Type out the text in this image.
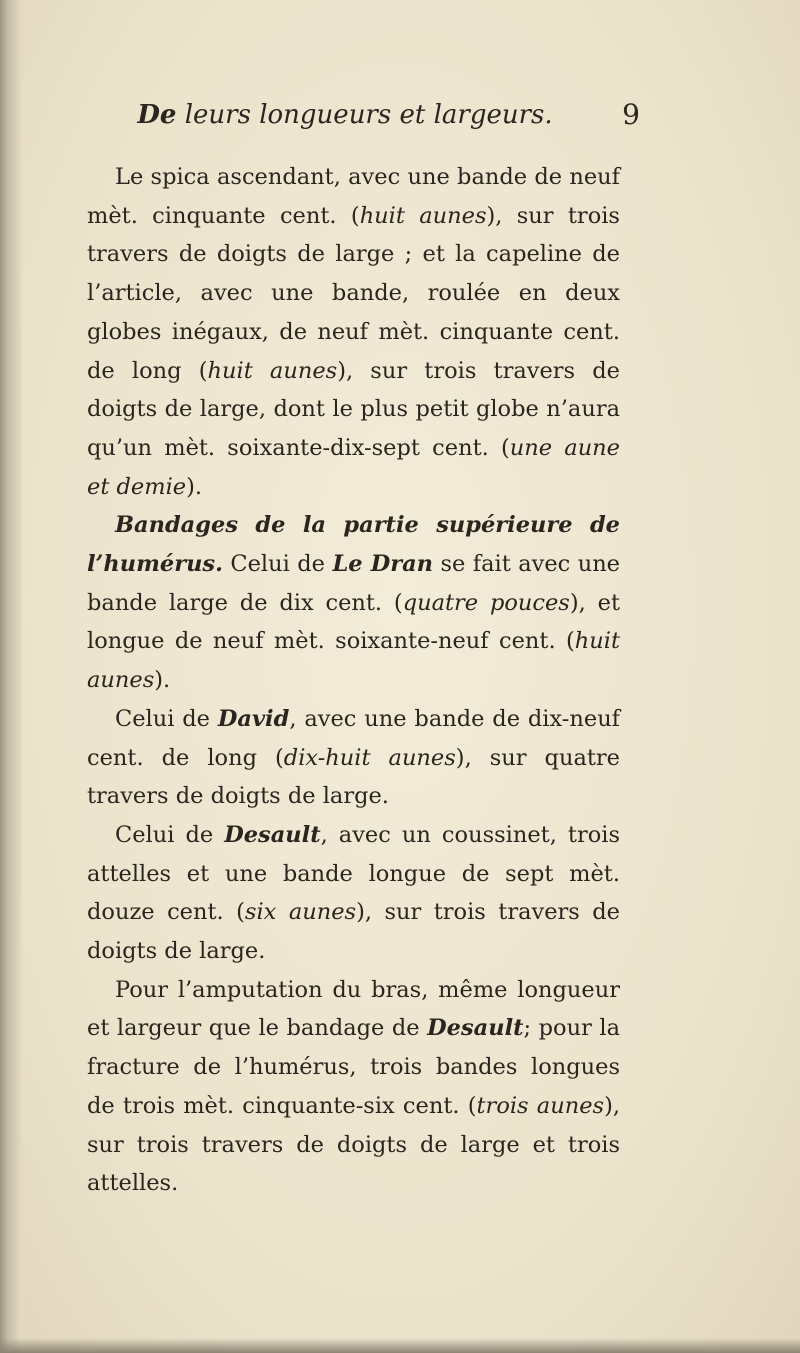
De leurs longueurs et largeurs.	9

Le spica ascendant, avec une bande de neuf mèt. cinquante cent. (huit aunes), sur trois travers de doigts de large ; et la capeline de l’article, avec une bande, roulée en deux globes inégaux, de neuf mèt. cinquante cent. de long (huit aunes), sur trois travers de doigts de large, dont le plus petit globe n’aura qu’un mèt. soixante-dix-sept cent. (une aune et demie).

Bandages de la partie supérieure de l’humérus. Celui de Le Dran se fait avec une bande large de dix cent. (quatre pouces), et longue de neuf mèt. soixante-neuf cent. (huit aunes).

Celui de David, avec une bande de dix-neuf cent. de long (dix-huit aunes), sur quatre travers de doigts de large.

Celui de Desault, avec un coussinet, trois attelles et une bande longue de sept mèt. douze cent. (six aunes), sur trois travers de doigts de large.

Pour l’amputation du bras, même longueur et largeur que le bandage de Desault; pour la fracture de l’humérus, trois bandes longues de trois mèt. cinquante-six cent. (trois aunes), sur trois travers de doigts de large et trois attelles.
